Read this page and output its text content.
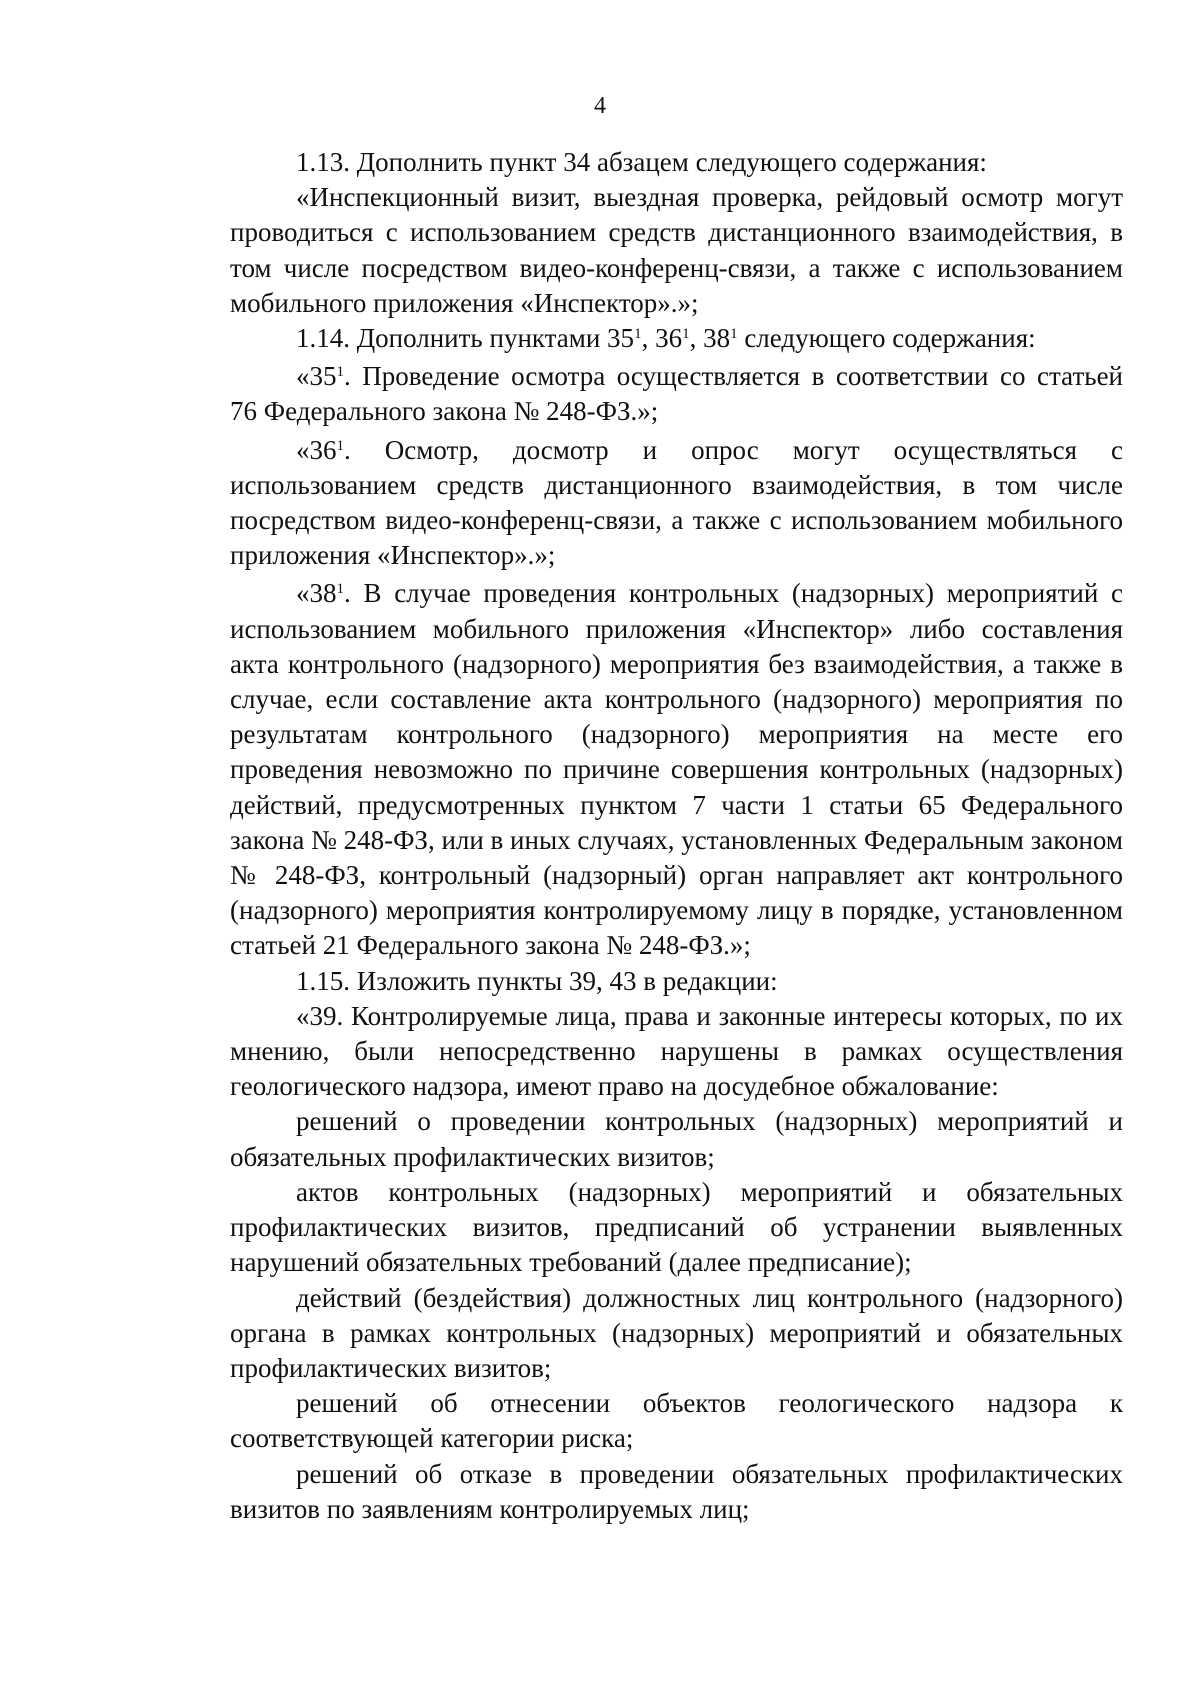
4

1.13. Дополнить пункт 34 абзацем следующего содержания:

«Инспекционный визит, выездная проверка, рейдовый осмотр могут проводиться с использованием средств дистанционного взаимодействия, в том числе посредством видео-конференц-связи, а также с использованием мобильного приложения «Инспектор».»;

1.14. Дополнить пунктами $35^1$, $36^1$, $38^1$ следующего содержания:

«$35^1$. Проведение осмотра осуществляется в соответствии со статьей 76 Федерального закона № 248-ФЗ.»;

«$36^1$. Осмотр, досмотр и опрос могут осуществляться с использованием средств дистанционного взаимодействия, в том числе посредством видео-конференц-связи, а также с использованием мобильного приложения «Инспектор».»;

«$38^1$. В случае проведения контрольных (надзорных) мероприятий с использованием мобильного приложения «Инспектор» либо составления акта контрольного (надзорного) мероприятия без взаимодействия, а также в случае, если составление акта контрольного (надзорного) мероприятия по результатам контрольного (надзорного) мероприятия на месте его проведения невозможно по причине совершения контрольных (надзорных) действий, предусмотренных пунктом 7 части 1 статьи 65 Федерального закона № 248-ФЗ, или в иных случаях, установленных Федеральным законом № 248-ФЗ, контрольный (надзорный) орган направляет акт контрольного (надзорного) мероприятия контролируемому лицу в порядке, установленном статьей 21 Федерального закона № 248-ФЗ.»;

1.15. Изложить пункты 39, 43 в редакции:

«39. Контролируемые лица, права и законные интересы которых, по их мнению, были непосредственно нарушены в рамках осуществления геологического надзора, имеют право на досудебное обжалование:

решений о проведении контрольных (надзорных) мероприятий и обязательных профилактических визитов;

актов контрольных (надзорных) мероприятий и обязательных профилактических визитов, предписаний об устранении выявленных нарушений обязательных требований (далее предписание);

действий (бездействия) должностных лиц контрольного (надзорного) органа в рамках контрольных (надзорных) мероприятий и обязательных профилактических визитов;

решений об отнесении объектов геологического надзора к соответствующей категории риска;

решений об отказе в проведении обязательных профилактических визитов по заявлениям контролируемых лиц;
